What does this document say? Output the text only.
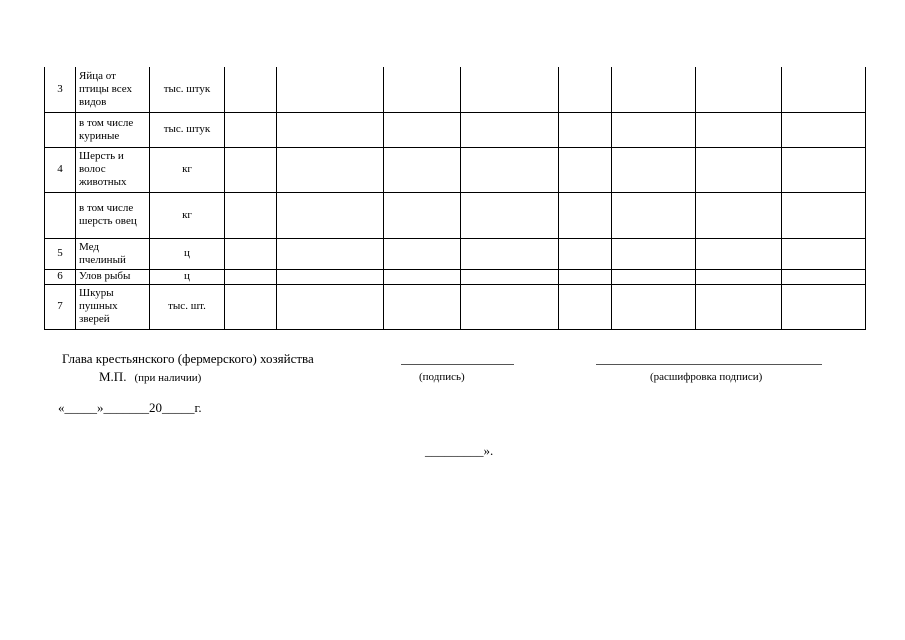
3	Яйца от птицы всех видов	тыс. штук								
	в том числе куриные	тыс. штук								
4	Шерсть и волос животных	кг								
	в том числе шерсть овец	кг								
5	Мед пчелиный	ц								
6	Улов рыбы	ц								
7	Шкуры пушных зверей	тыс. шт.								
Глава крестьянского (фермерского) хозяйства
М.П. (при наличии)	(подпись)	(расшифровка подписи)
«_____»_______20_____г.
_________».
